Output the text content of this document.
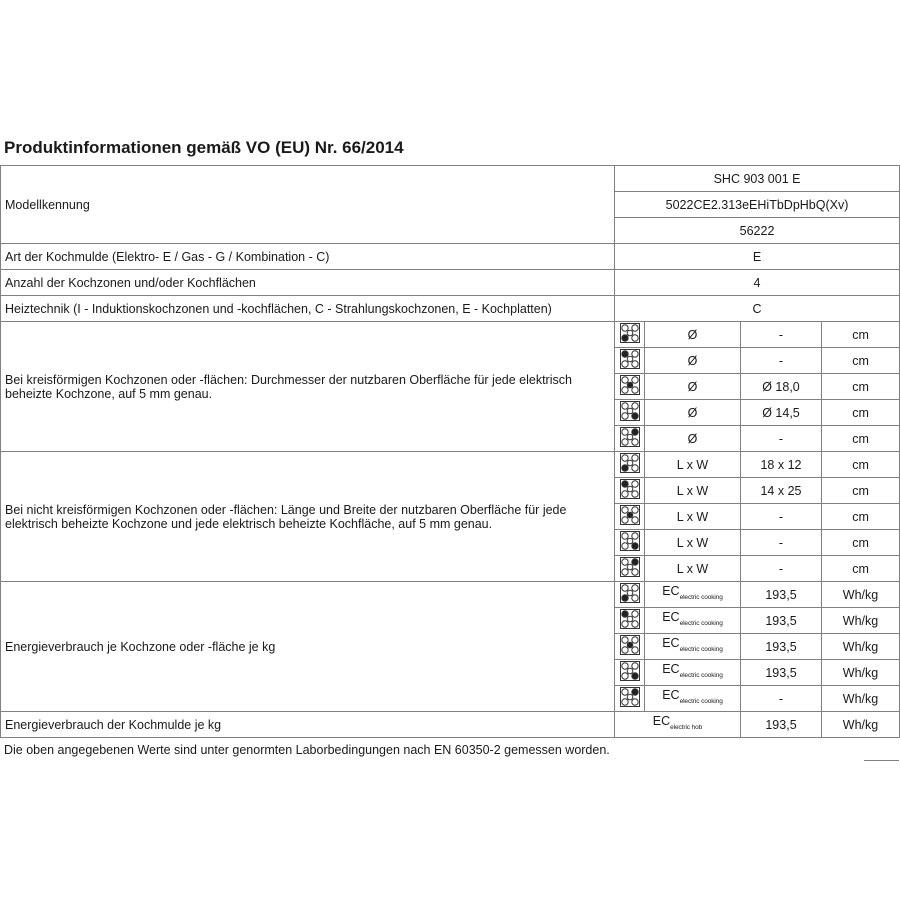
Produktinformationen gemäß VO (EU) Nr. 66/2014
Modellkennung	SHC 903 001 E			
	5022CE2.313eEHiTbDpHbQ(Xv)			
	56222			
Art der Kochmulde (Elektro- E / Gas - G / Kombination - C)	E			
Anzahl der Kochzonen und/oder Kochflächen	4			
Heiztechnik (I - Induktionskochzonen und -kochflächen, C - Strahlungskochzonen, E - Kochplatten)	C			
Bei kreisförmigen Kochzonen oder -flächen: Durchmesser der nutzbaren Oberfläche für jede elektrisch beheizte Kochzone, auf 5 mm genau.		Ø	-	cm
	Ø	-	cm
	Ø	Ø 18,0	cm
	Ø	Ø 14,5	cm
	Ø	-	cm
Bei nicht kreisförmigen Kochzonen oder -flächen: Länge und Breite der nutzbaren Oberfläche für jede elektrisch beheizte Kochzone und jede elektrisch beheizte Kochfläche, auf 5 mm genau.		L x W	18 x 12	cm
	L x W	14 x 25	cm
	L x W	-	cm
	L x W	-	cm
	L x W	-	cm
Energieverbrauch je Kochzone oder -fläche je kg		$EC_{electric cooking}$	193,5	Wh/kg
	$EC_{electric cooking}$	193,5	Wh/kg
	$EC_{electric cooking}$	193,5	Wh/kg
	$EC_{electric cooking}$	193,5	Wh/kg
	$EC_{electric cooking}$	-	Wh/kg
Energieverbrauch der Kochmulde je kg	$EC_{electric hob}$		193,5	Wh/kg
Die oben angegebenen Werte sind unter genormten Laborbedingungen nach EN 60350-2 gemessen worden.
